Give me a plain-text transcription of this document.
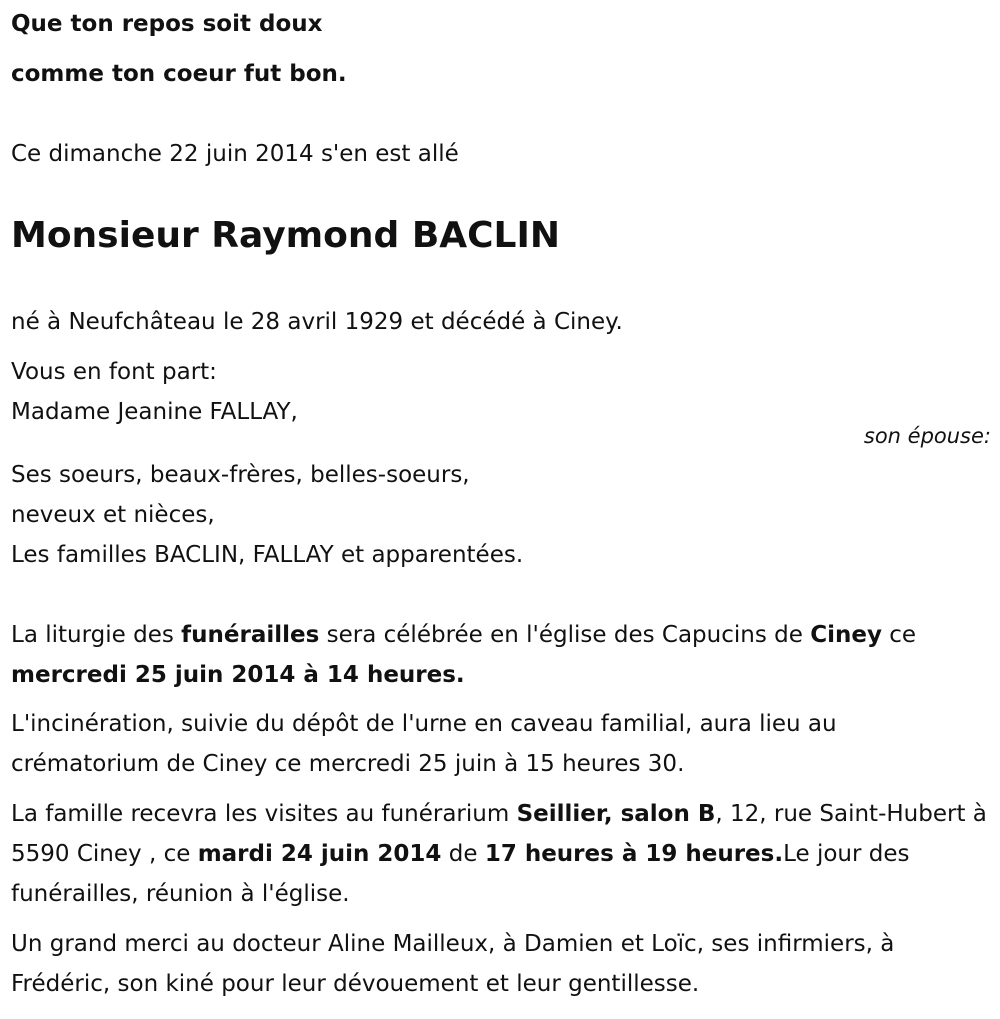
Que ton repos soit doux
comme ton coeur fut bon.
Ce dimanche 22 juin 2014 s'en est allé
Monsieur Raymond BACLIN
né à Neufchâteau le 28 avril 1929 et décédé à Ciney.
Vous en font part:
Madame Jeanine FALLAY,
son épouse:
Ses soeurs, beaux-frères, belles-soeurs,
neveux et nièces,
Les familles BACLIN, FALLAY et apparentées.
La liturgie des funérailles sera célébrée en l'église des Capucins de Ciney ce mercredi 25 juin 2014 à 14 heures.
L'incinération, suivie du dépôt de l'urne en caveau familial, aura lieu au crématorium de Ciney ce mercredi 25 juin à 15 heures 30.
La famille recevra les visites au funérarium Seillier, salon B, 12, rue Saint-Hubert à 5590 Ciney , ce mardi 24 juin 2014 de 17 heures à 19 heures.Le jour des funérailles, réunion à l'église.
Un grand merci au docteur Aline Mailleux, à Damien et Loïc, ses infirmiers, à Frédéric, son kiné pour leur dévouement et leur gentillesse.
